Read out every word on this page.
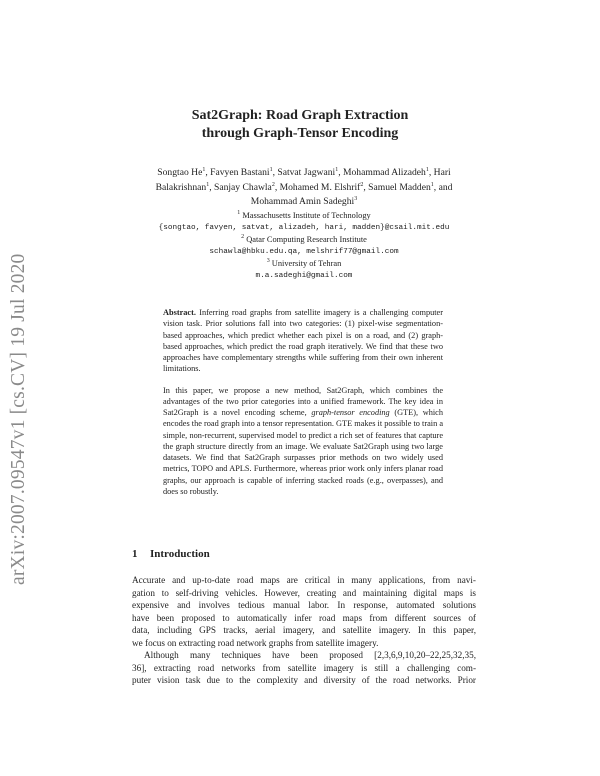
arXiv:2007.09547v1 [cs.CV] 19 Jul 2020
Sat2Graph: Road Graph Extraction
through Graph-Tensor Encoding
Songtao He$^1$, Favyen Bastani$^1$, Satvat Jagwani$^1$, Mohammad Alizadeh$^1$, Hari
Balakrishnan$^1$, Sanjay Chawla$^2$, Mohamed M. Elshrif$^2$, Samuel Madden$^1$, and
Mohammad Amin Sadeghi$^3$
$^1$ Massachusetts Institute of Technology
{songtao, favyen, satvat, alizadeh, hari, madden}@csail.mit.edu
$^2$ Qatar Computing Research Institute
schawla@hbku.edu.qa, melshrif77@gmail.com
$^3$ University of Tehran
m.a.sadeghi@gmail.com

Abstract. Inferring road graphs from satellite imagery is a challenging computer vision task. Prior solutions fall into two categories: (1) pixel-wise segmentation-based approaches, which predict whether each pixel is on a road, and (2) graph-based approaches, which predict the road graph iteratively. We find that these two approaches have complementary strengths while suffering from their own inherent limitations.

In this paper, we propose a new method, Sat2Graph, which combines the advantages of the two prior categories into a unified framework. The key idea in Sat2Graph is a novel encoding scheme, graph-tensor encoding (GTE), which encodes the road graph into a tensor representation. GTE makes it possible to train a simple, non-recurrent, supervised model to predict a rich set of features that capture the graph structure directly from an image. We evaluate Sat2Graph using two large datasets. We find that Sat2Graph surpasses prior methods on two widely used metrics, TOPO and APLS. Furthermore, whereas prior work only infers planar road graphs, our approach is capable of inferring stacked roads (e.g., overpasses), and does so robustly.

1 Introduction

Accurate and up-to-date road maps are critical in many applications, from navi-
gation to self-driving vehicles. However, creating and maintaining digital maps is
expensive and involves tedious manual labor. In response, automated solutions
have been proposed to automatically infer road maps from different sources of
data, including GPS tracks, aerial imagery, and satellite imagery. In this paper,
we focus on extracting road network graphs from satellite imagery.

Although many techniques have been proposed [2,3,6,9,10,20–22,25,32,35,
36], extracting road networks from satellite imagery is still a challenging com-
puter vision task due to the complexity and diversity of the road networks. Prior
